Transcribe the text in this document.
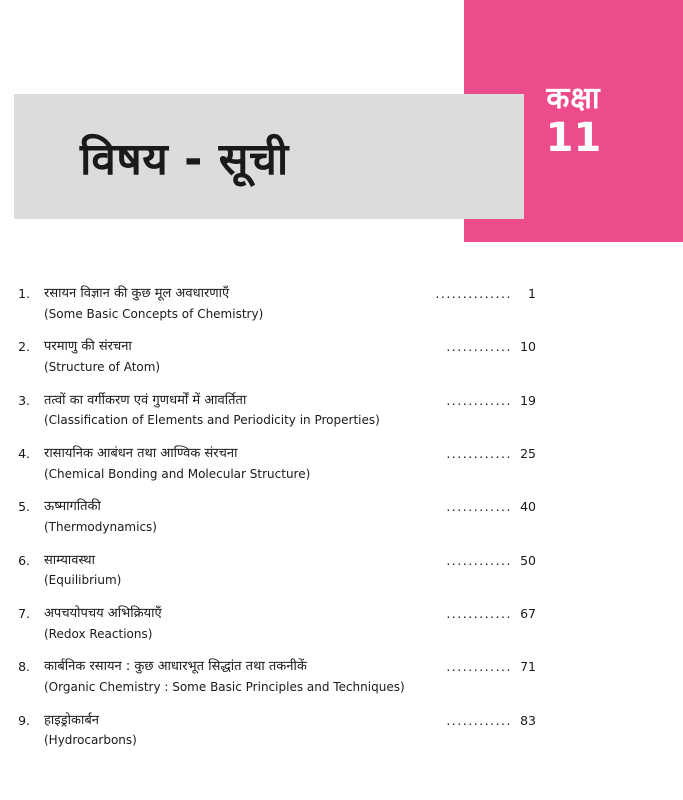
कक्षा
11
विषय - सूची
1. रसायन विज्ञान की कुछ मूल अवधारणाएँ
(Some Basic Concepts of Chemistry)
.............. 1
2. परमाणु की संरचना
(Structure of Atom)
............ 10
3. तत्वों का वर्गीकरण एवं गुणधर्मों में आवर्तिता
(Classification of Elements and Periodicity in Properties)
............ 19
4. रासायनिक आबंधन तथा आण्विक संरचना
(Chemical Bonding and Molecular Structure)
............ 25
5. ऊष्मागतिकी
(Thermodynamics)
............ 40
6. साम्यावस्था
(Equilibrium)
............ 50
7. अपचयोपचय अभिक्रियाएँ
(Redox Reactions)
............ 67
8. कार्बनिक रसायन : कुछ आधारभूत सिद्धांत तथा तकनीकें
(Organic Chemistry : Some Basic Principles and Techniques)
............ 71
9. हाइड्रोकार्बन
(Hydrocarbons)
............ 83
